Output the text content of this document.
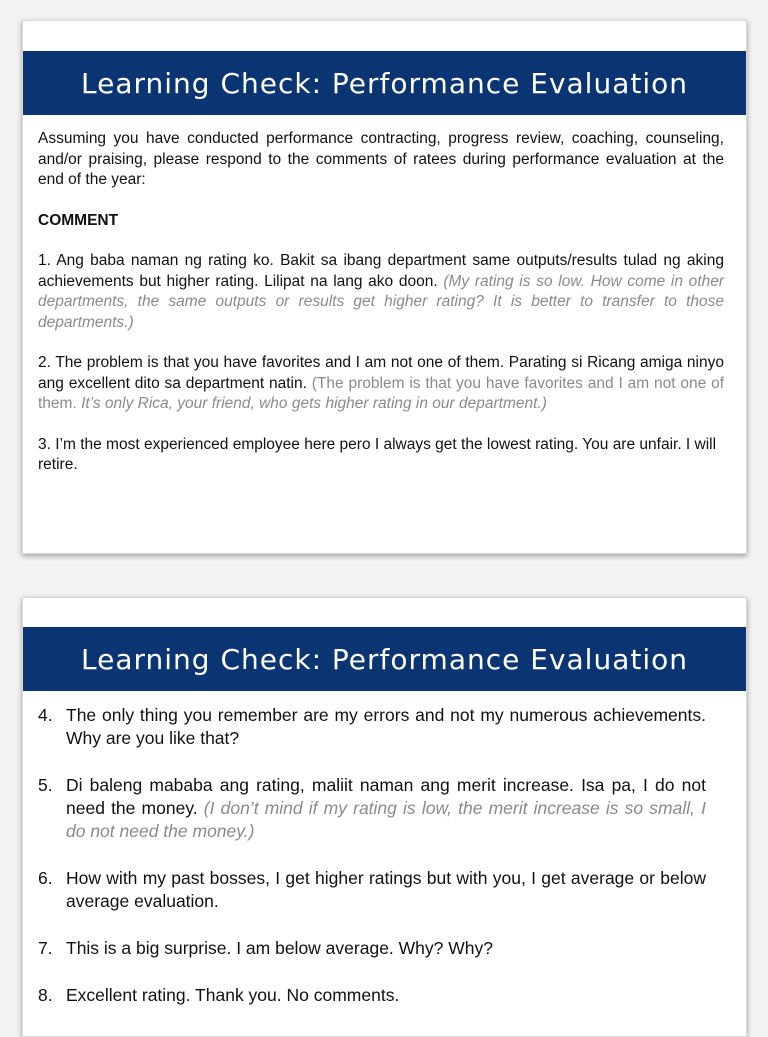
Learning Check: Performance Evaluation

Assuming you have conducted performance contracting, progress review, coaching, counseling, and/or praising, please respond to the comments of ratees during performance evaluation at the end of the year:

COMMENT

1. Ang baba naman ng rating ko. Bakit sa ibang department same outputs/results tulad ng aking achievements but higher rating. Lilipat na lang ako doon. (My rating is so low. How come in other departments, the same outputs or results get higher rating? It is better to transfer to those departments.)

2. The problem is that you have favorites and I am not one of them. Parating si Ricang amiga ninyo ang excellent dito sa department natin. (The problem is that you have favorites and I am not one of them. It’s only Rica, your friend, who gets higher rating in our department.)

3. I’m the most experienced employee here pero I always get the lowest rating. You are unfair. I will retire.

Learning Check: Performance Evaluation
4. The only thing you remember are my errors and not my numerous achievements. Why are you like that?
5. Di baleng mababa ang rating, maliit naman ang merit increase. Isa pa, I do not need the money. (I don’t mind if my rating is low, the merit increase is so small, I do not need the money.)
6. How with my past bosses, I get higher ratings but with you, I get average or below average evaluation.
7. This is a big surprise. I am below average. Why? Why?
8. Excellent rating. Thank you. No comments.
